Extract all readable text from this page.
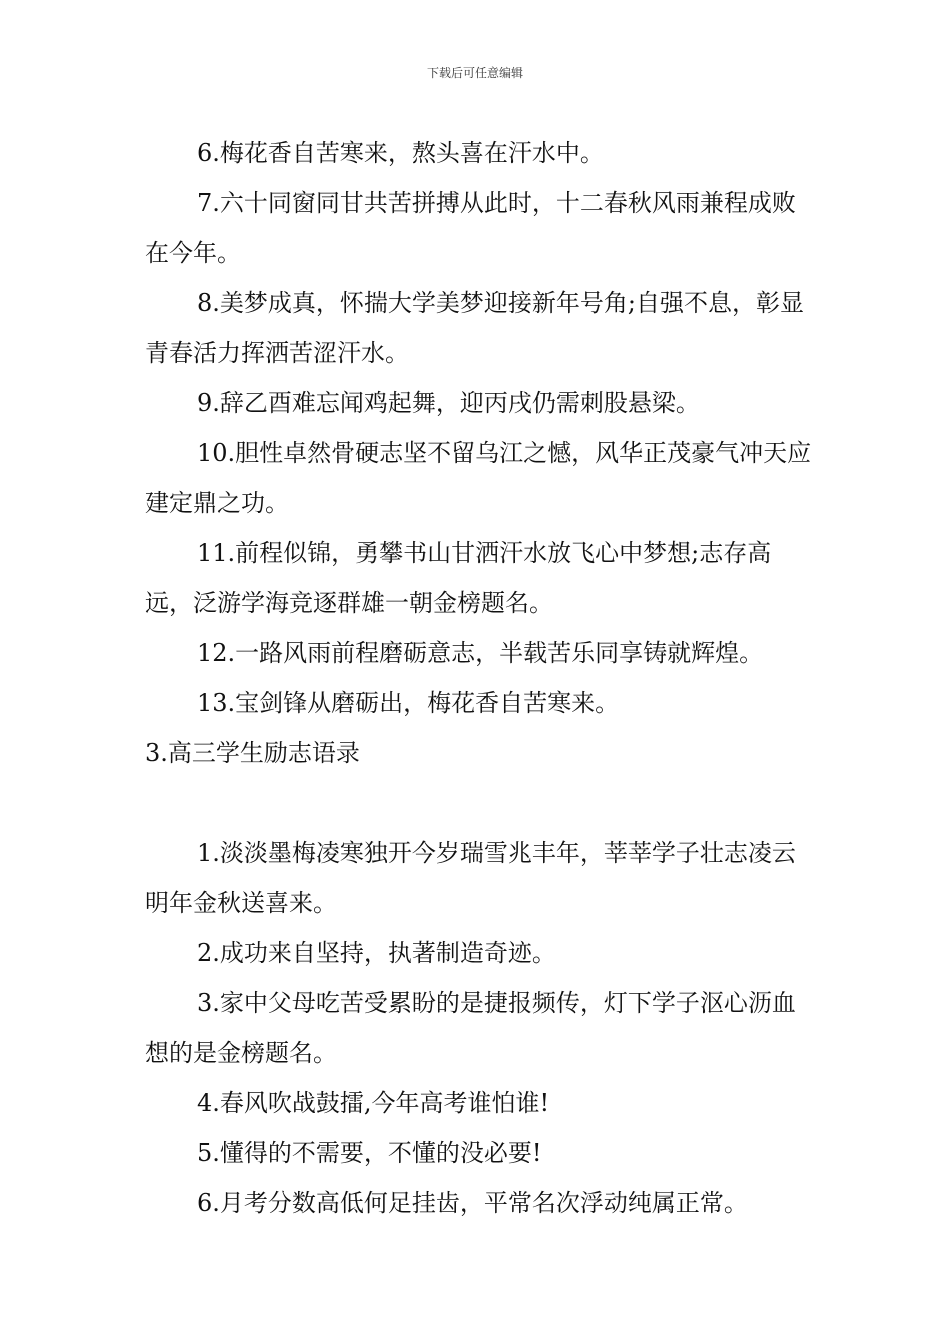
下载后可任意编辑

6.梅花香自苦寒来，熬头喜在汗水中。

7.六十同窗同甘共苦拼搏从此时，十二春秋风雨兼程成败在今年。

8.美梦成真，怀揣大学美梦迎接新年号角;自强不息，彰显青春活力挥洒苦涩汗水。

9.辞乙酉难忘闻鸡起舞，迎丙戌仍需刺股悬梁。

10.胆性卓然骨硬志坚不留乌江之憾，风华正茂豪气冲天应建定鼎之功。

11.前程似锦，勇攀书山甘洒汗水放飞心中梦想;志存高远，泛游学海竞逐群雄一朝金榜题名。

12.一路风雨前程磨砺意志，半载苦乐同享铸就辉煌。

13.宝剑锋从磨砺出，梅花香自苦寒来。

3.高三学生励志语录

1.淡淡墨梅凌寒独开今岁瑞雪兆丰年，莘莘学子壮志凌云明年金秋送喜来。

2.成功来自坚持，执著制造奇迹。

3.家中父母吃苦受累盼的是捷报频传，灯下学子沤心沥血想的是金榜题名。

4.春风吹战鼓擂,今年高考谁怕谁!

5.懂得的不需要，不懂的没必要!

6.月考分数高低何足挂齿，平常名次浮动纯属正常。
